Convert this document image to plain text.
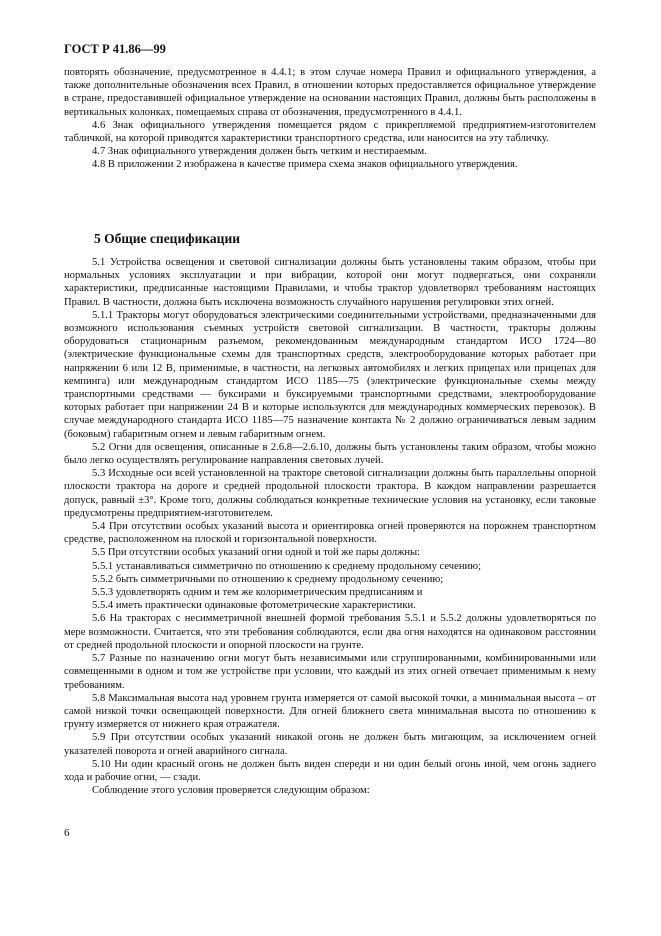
ГОСТ Р 41.86—99

повторять обозначение, предусмотренное в 4.4.1; в этом случае номера Правил и официального утверждения, а также дополнительные обозначения всех Правил, в отношении которых предоставляется официальное утверждение в стране, предоставившей официальное утверждение на основании настоящих Правил, должны быть расположены в вертикальных колонках, помещаемых справа от обозначения, предусмотренного в 4.4.1.

4.6 Знак официального утверждения помещается рядом с прикрепляемой предприятием-изготовителем табличкой, на которой приводятся характеристики транспортного средства, или наносится на эту табличку.

4.7 Знак официального утверждения должен быть четким и нестираемым.

4.8 В приложении 2 изображена в качестве примера схема знаков официального утверждения.

5 Общие спецификации

5.1 Устройства освещения и световой сигнализации должны быть установлены таким образом, чтобы при нормальных условиях эксплуатации и при вибрации, которой они могут подвергаться, они сохраняли характеристики, предписанные настоящими Правилами, и чтобы трактор удовлетворял требованиям настоящих Правил. В частности, должна быть исключена возможность случайного нарушения регулировки этих огней.

5.1.1 Тракторы могут оборудоваться электрическими соединительными устройствами, предназначенными для возможного использования съемных устройств световой сигнализации. В частности, тракторы должны оборудоваться стационарным разъемом, рекомендованным международным стандартом ИСО 1724—80 (электрические функциональные схемы для транспортных средств, электрооборудование которых работает при напряжении 6 или 12 В, применимые, в частности, на легковых автомобилях и легких прицепах или прицепах для кемпинга) или международным стандартом ИСО 1185—75 (электрические функциональные схемы между транспортными средствами — буксирами и буксируемыми транспортными средствами, электрооборудование которых работает при напряжении 24 В и которые используются для международных коммерческих перевозок). В случае международного стандарта ИСО 1185—75 назначение контакта № 2 должно ограничиваться левым задним (боковым) габаритным огнем и левым габаритным огнем.

5.2 Огни для освещения, описанные в 2.6.8—2.6.10, должны быть установлены таким образом, чтобы можно было легко осуществлять регулирование направления световых лучей.

5.3 Исходные оси всей установленной на тракторе световой сигнализации должны быть параллельны опорной плоскости трактора на дороге и средней продольной плоскости трактора. В каждом направлении разрешается допуск, равный ±3°. Кроме того, должны соблюдаться конкретные технические условия на установку, если таковые предусмотрены предприятием-изготовителем.

5.4 При отсутствии особых указаний высота и ориентировка огней проверяются на порожнем транспортном средстве, расположенном на плоской и горизонтальной поверхности.

5.5 При отсутствии особых указаний огни одной и той же пары должны:

5.5.1 устанавливаться симметрично по отношению к среднему продольному сечению;

5.5.2 быть симметричными по отношению к среднему продольному сечению;

5.5.3 удовлетворять одним и тем же колориметрическим предписаниям и

5.5.4 иметь практически одинаковые фотометрические характеристики.

5.6 На тракторах с несимметричной внешней формой требования 5.5.1 и 5.5.2 должны удовлетворяться по мере возможности. Считается, что эти требования соблюдаются, если два огня находятся на одинаковом расстоянии от средней продольной плоскости и опорной плоскости на грунте.

5.7 Разные по назначению огни могут быть независимыми или сгруппированными, комбинированными или совмещенными в одном и том же устройстве при условии, что каждый из этих огней отвечает применимым к нему требованиям.

5.8 Максимальная высота над уровнем грунта измеряется от самой высокой точки, а минимальная высота – от самой низкой точки освещающей поверхности. Для огней ближнего света минимальная высота по отношению к грунту измеряется от нижнего края отражателя.

5.9 При отсутствии особых указаний никакой огонь не должен быть мигающим, за исключением огней указателей поворота и огней аварийного сигнала.

5.10 Ни один красный огонь не должен быть виден спереди и ни один белый огонь иной, чем огонь заднего хода и рабочие огни, — сзади.

Соблюдение этого условия проверяется следующим образом:

6
